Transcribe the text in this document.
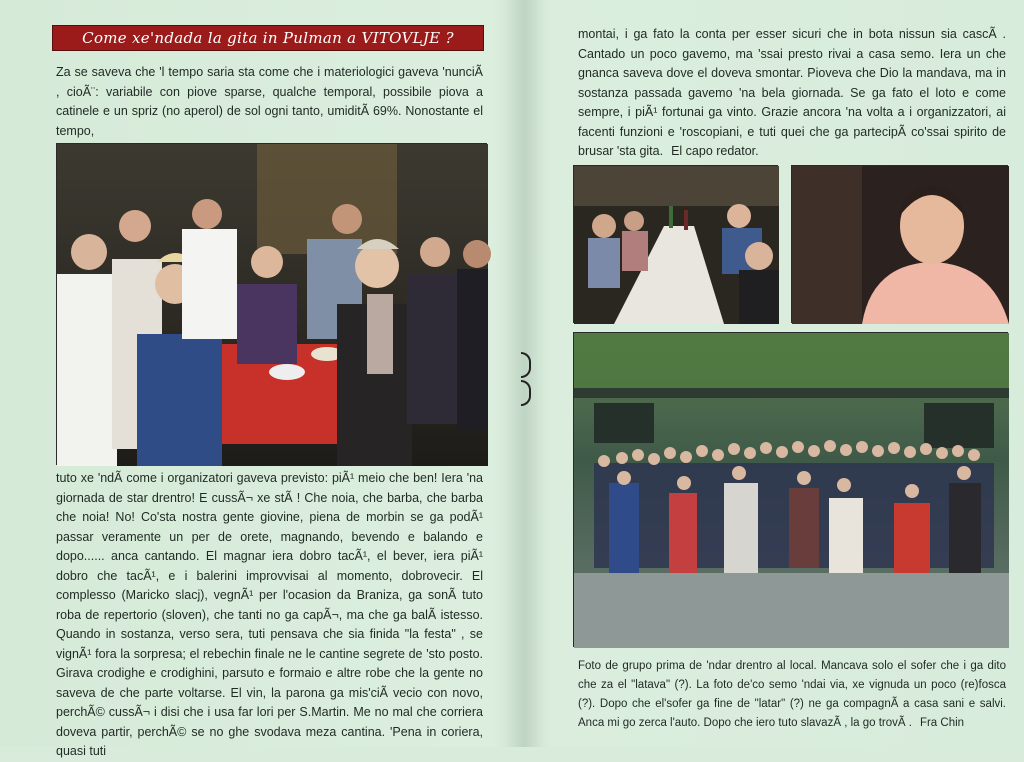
Come xe'ndada la gita in Pulman a VITOVLJE ?
Za se saveva che 'l tempo saria sta come che i materiologici gaveva 'nunciÃ , cioÃ¨: variabile con piove sparse, qualche temporal, possibile piova a catinele e un spriz (no aperol) de sol ogni tanto, umiditÃ 69%. Nonostante el tempo,
tuto xe 'ndÃ come i organizatori gaveva previsto: piÃ¹ meio che ben! Iera 'na giornada de star drentro! E cussÃ¬ xe stÃ ! Che noia, che barba, che barba che noia! No! Co'sta nostra gente giovine, piena de morbin se ga podÃ¹ passar veramente un per de orete, magnando, bevendo e balando e dopo...... anca cantando. El magnar iera dobro tacÃ¹, el bever, iera piÃ¹ dobro che tacÃ¹, e i balerini improvvisai al momento, dobrovecir. El complesso (Maricko slacj), vegnÃ¹ per l'ocasion da Braniza, ga sonÃ tuto roba de repertorio (sloven), che tanti no ga capÃ¬, ma che ga balÃ istesso. Quando in sostanza, verso sera, tuti pensava che sia finida "la festa" , se vignÃ¹ fora la sorpresa; el rebechin finale ne le cantine segrete de 'sto posto. Girava crodighe e crodighini, parsuto e formaio e altre robe che la gente no saveva de che parte voltarse. El vin, la parona ga mis'ciÃ vecio con novo, perchÃ© cussÃ¬ i disi che i usa far lori per S.Martin. Me no mal che corriera doveva partir, perchÃ© se no ghe svodava meza cantina. 'Pena in coriera, quasi tuti
montai, i ga fato la conta per esser sicuri che in bota nissun sia cascÃ . Cantado un poco gavemo, ma 'ssai presto rivai a casa semo. Iera un che gnanca saveva dove el doveva smontar. Pioveva che Dio la mandava, ma in sostanza passada gavemo 'na bela giornada. Se ga fato el loto e come sempre, i piÃ¹ fortunai ga vinto. Grazie ancora 'na volta a i organizzatori, ai facenti funzioni e 'roscopiani, e tuti quei che ga partecipÃ co'ssai spirito de brusar 'sta gita. El capo redator.
Foto de grupo prima de 'ndar drentro al local. Mancava solo el sofer che i ga dito che za el "latava" (?). La foto de'co semo 'ndai via, xe vignuda un poco (re)fosca (?). Dopo che el'sofer ga fine de "latar" (?) ne ga compagnÃ a casa sani e salvi. Anca mi go zerca l'auto. Dopo che iero tuto slavazÃ , la go trovÃ . Fra Chin
